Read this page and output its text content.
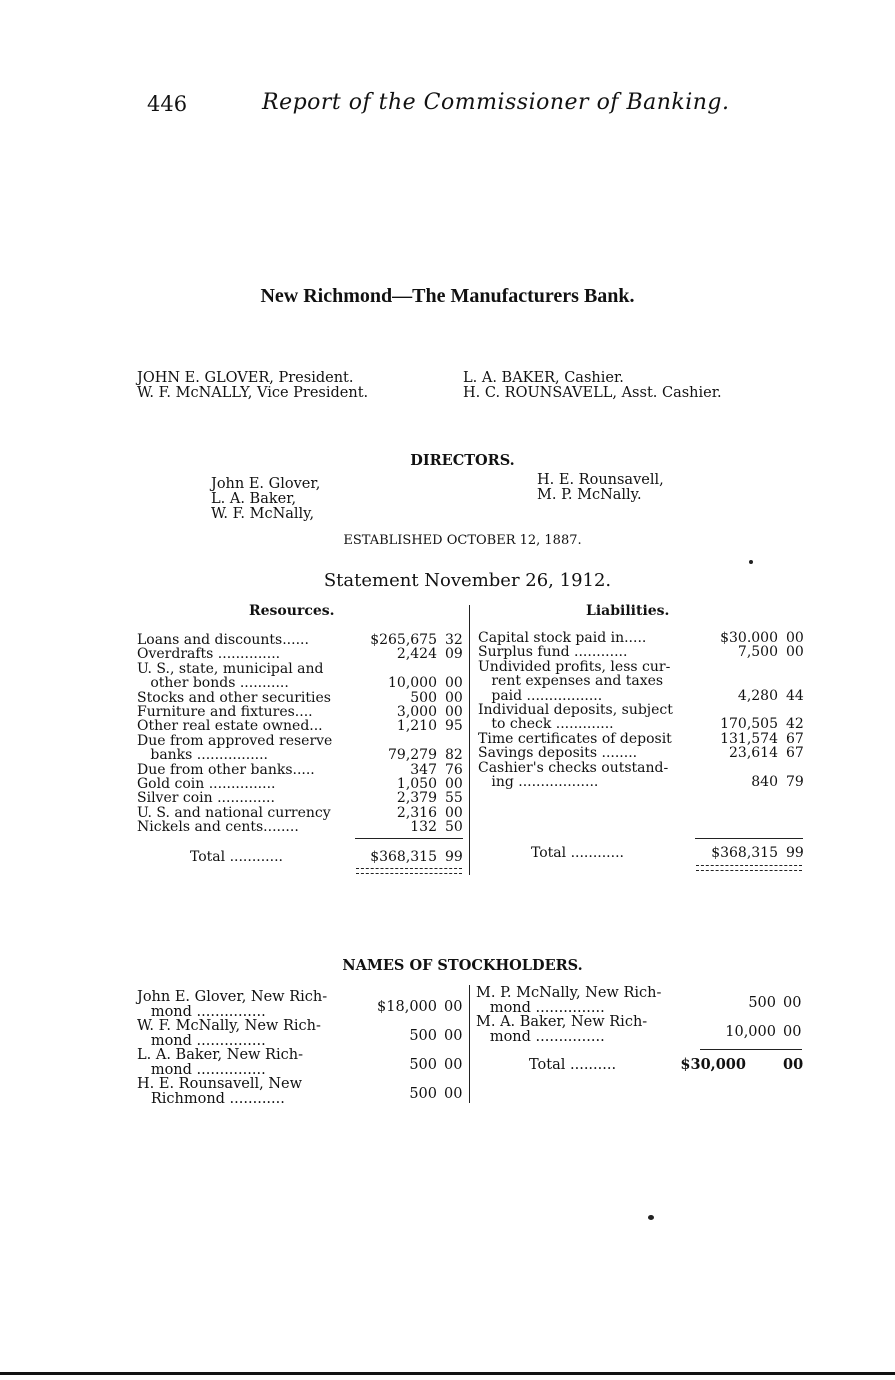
446	Report of the Commissioner of Banking.
New Richmond—The Manufacturers Bank.
JOHN E. GLOVER, President.
W. F. McNALLY, Vice President.
L. A. BAKER, Cashier.
H. C. ROUNSAVELL, Asst. Cashier.
DIRECTORS.
John E. Glover,
L. A. Baker,
W. F. McNally,
H. E. Rounsavell,
M. P. McNally.
ESTABLISHED OCTOBER 12, 1887.
Statement November 26, 1912.
Resources.	Liabilities.
Loans and discounts......	$265,675 32
Overdrafts ..............	2,424 09
U. S., state, municipal and
other bonds ...........	10,000 00
Stocks and other securities	500 00
Furniture and fixtures....	3,000 00
Other real estate owned...	1,210 95
Due from approved reserve
banks ................	79,279 82
Due from other banks.....	347 76
Gold coin ...............	1,050 00
Silver coin .............	2,379 55
U. S. and national currency	2,316 00
Nickels and cents........	132 50
Total ............	$368,315 99
Capital stock paid in.....	$30.000 00
Surplus fund ............	7,500 00
Undivided profits, less cur-
rent expenses and taxes
paid .................	4,280 44
Individual deposits, subject
to check .............	170,505 42
Time certificates of deposit	131,574 67
Savings deposits ........	23,614 67
Cashier's checks outstand-
ing ..................	840 79
Total ............	$368,315 99
NAMES OF STOCKHOLDERS.
John E. Glover, New Rich-
mond ...............	$18,000 00
W. F. McNally, New Rich-
mond ...............	500 00
L. A. Baker, New Rich-
mond ...............	500 00
H. E. Rounsavell, New
Richmond ............	500 00
M. P. McNally, New Rich-
mond ...............	500 00
M. A. Baker, New Rich-
mond ...............	10,000 00
Total ..........	$30,000	00
